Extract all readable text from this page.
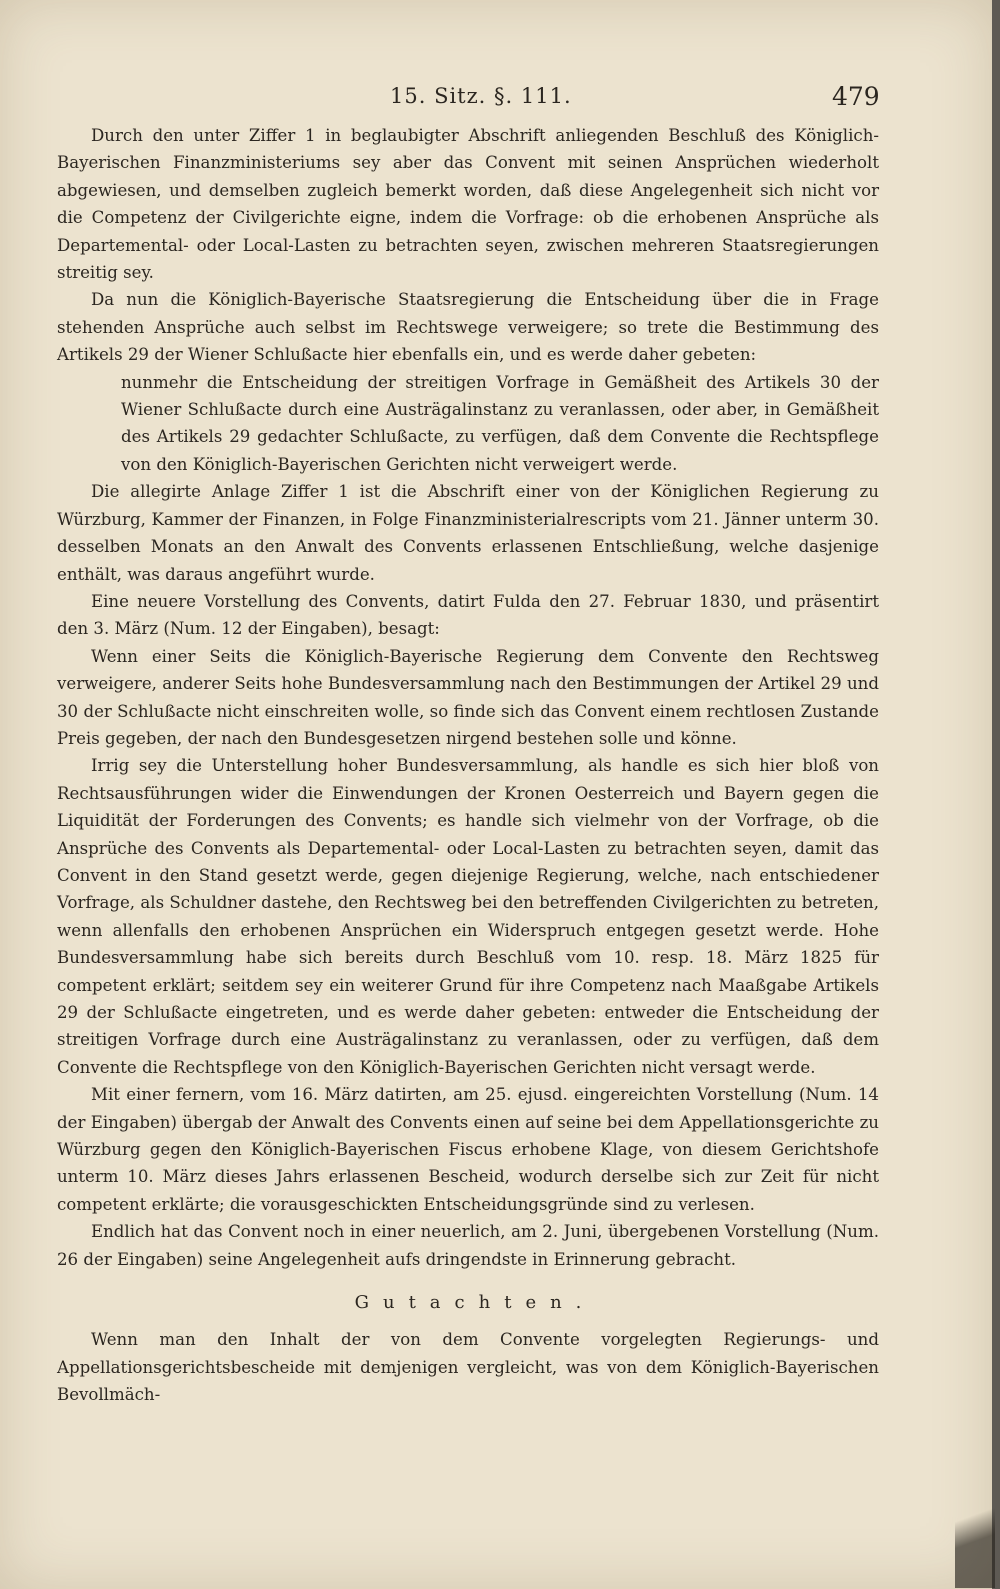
15. Sitz. §. 111.	479

Durch den unter Ziffer 1 in beglaubigter Abschrift anliegenden Beschluß des Königlich-Bayerischen Finanzministeriums sey aber das Convent mit seinen Ansprüchen wiederholt abgewiesen, und demselben zugleich bemerkt worden, daß diese Angelegenheit sich nicht vor die Competenz der Civilgerichte eigne, indem die Vorfrage: ob die erhobenen Ansprüche als Departemental- oder Local-Lasten zu betrachten seyen, zwischen mehreren Staatsregierungen streitig sey.

Da nun die Königlich-Bayerische Staatsregierung die Entscheidung über die in Frage stehenden Ansprüche auch selbst im Rechtswege verweigere; so trete die Bestimmung des Artikels 29 der Wiener Schlußacte hier ebenfalls ein, und es werde daher gebeten:

nunmehr die Entscheidung der streitigen Vorfrage in Gemäßheit des Artikels 30 der Wiener Schlußacte durch eine Austrägalinstanz zu veranlassen, oder aber, in Gemäßheit des Artikels 29 gedachter Schlußacte, zu verfügen, daß dem Convente die Rechtspflege von den Königlich-Bayerischen Gerichten nicht verweigert werde.

Die allegirte Anlage Ziffer 1 ist die Abschrift einer von der Königlichen Regierung zu Würzburg, Kammer der Finanzen, in Folge Finanzministerialrescripts vom 21. Jänner unterm 30. desselben Monats an den Anwalt des Convents erlassenen Entschließung, welche dasjenige enthält, was daraus angeführt wurde.

Eine neuere Vorstellung des Convents, datirt Fulda den 27. Februar 1830, und präsentirt den 3. März (Num. 12 der Eingaben), besagt:

Wenn einer Seits die Königlich-Bayerische Regierung dem Convente den Rechtsweg verweigere, anderer Seits hohe Bundesversammlung nach den Bestimmungen der Artikel 29 und 30 der Schlußacte nicht einschreiten wolle, so finde sich das Convent einem rechtlosen Zustande Preis gegeben, der nach den Bundesgesetzen nirgend bestehen solle und könne.

Irrig sey die Unterstellung hoher Bundesversammlung, als handle es sich hier bloß von Rechtsausführungen wider die Einwendungen der Kronen Oesterreich und Bayern gegen die Liquidität der Forderungen des Convents; es handle sich vielmehr von der Vorfrage, ob die Ansprüche des Convents als Departemental- oder Local-Lasten zu betrachten seyen, damit das Convent in den Stand gesetzt werde, gegen diejenige Regierung, welche, nach entschiedener Vorfrage, als Schuldner dastehe, den Rechtsweg bei den betreffenden Civilgerichten zu betreten, wenn allenfalls den erhobenen Ansprüchen ein Widerspruch entgegen gesetzt werde. Hohe Bundesversammlung habe sich bereits durch Beschluß vom 10. resp. 18. März 1825 für competent erklärt; seitdem sey ein weiterer Grund für ihre Competenz nach Maaßgabe Artikels 29 der Schlußacte eingetreten, und es werde daher gebeten: entweder die Entscheidung der streitigen Vorfrage durch eine Austrägalinstanz zu veranlassen, oder zu verfügen, daß dem Convente die Rechtspflege von den Königlich-Bayerischen Gerichten nicht versagt werde.

Mit einer fernern, vom 16. März datirten, am 25. ejusd. eingereichten Vorstellung (Num. 14 der Eingaben) übergab der Anwalt des Convents einen auf seine bei dem Appellationsgerichte zu Würzburg gegen den Königlich-Bayerischen Fiscus erhobene Klage, von diesem Gerichtshofe unterm 10. März dieses Jahrs erlassenen Bescheid, wodurch derselbe sich zur Zeit für nicht competent erklärte; die vorausgeschickten Entscheidungsgründe sind zu verlesen.

Endlich hat das Convent noch in einer neuerlich, am 2. Juni, übergebenen Vorstellung (Num. 26 der Eingaben) seine Angelegenheit aufs dringendste in Erinnerung gebracht.

Gutachten.

Wenn man den Inhalt der von dem Convente vorgelegten Regierungs- und Appellationsgerichtsbescheide mit demjenigen vergleicht, was von dem Königlich-Bayerischen Bevollmäch-
